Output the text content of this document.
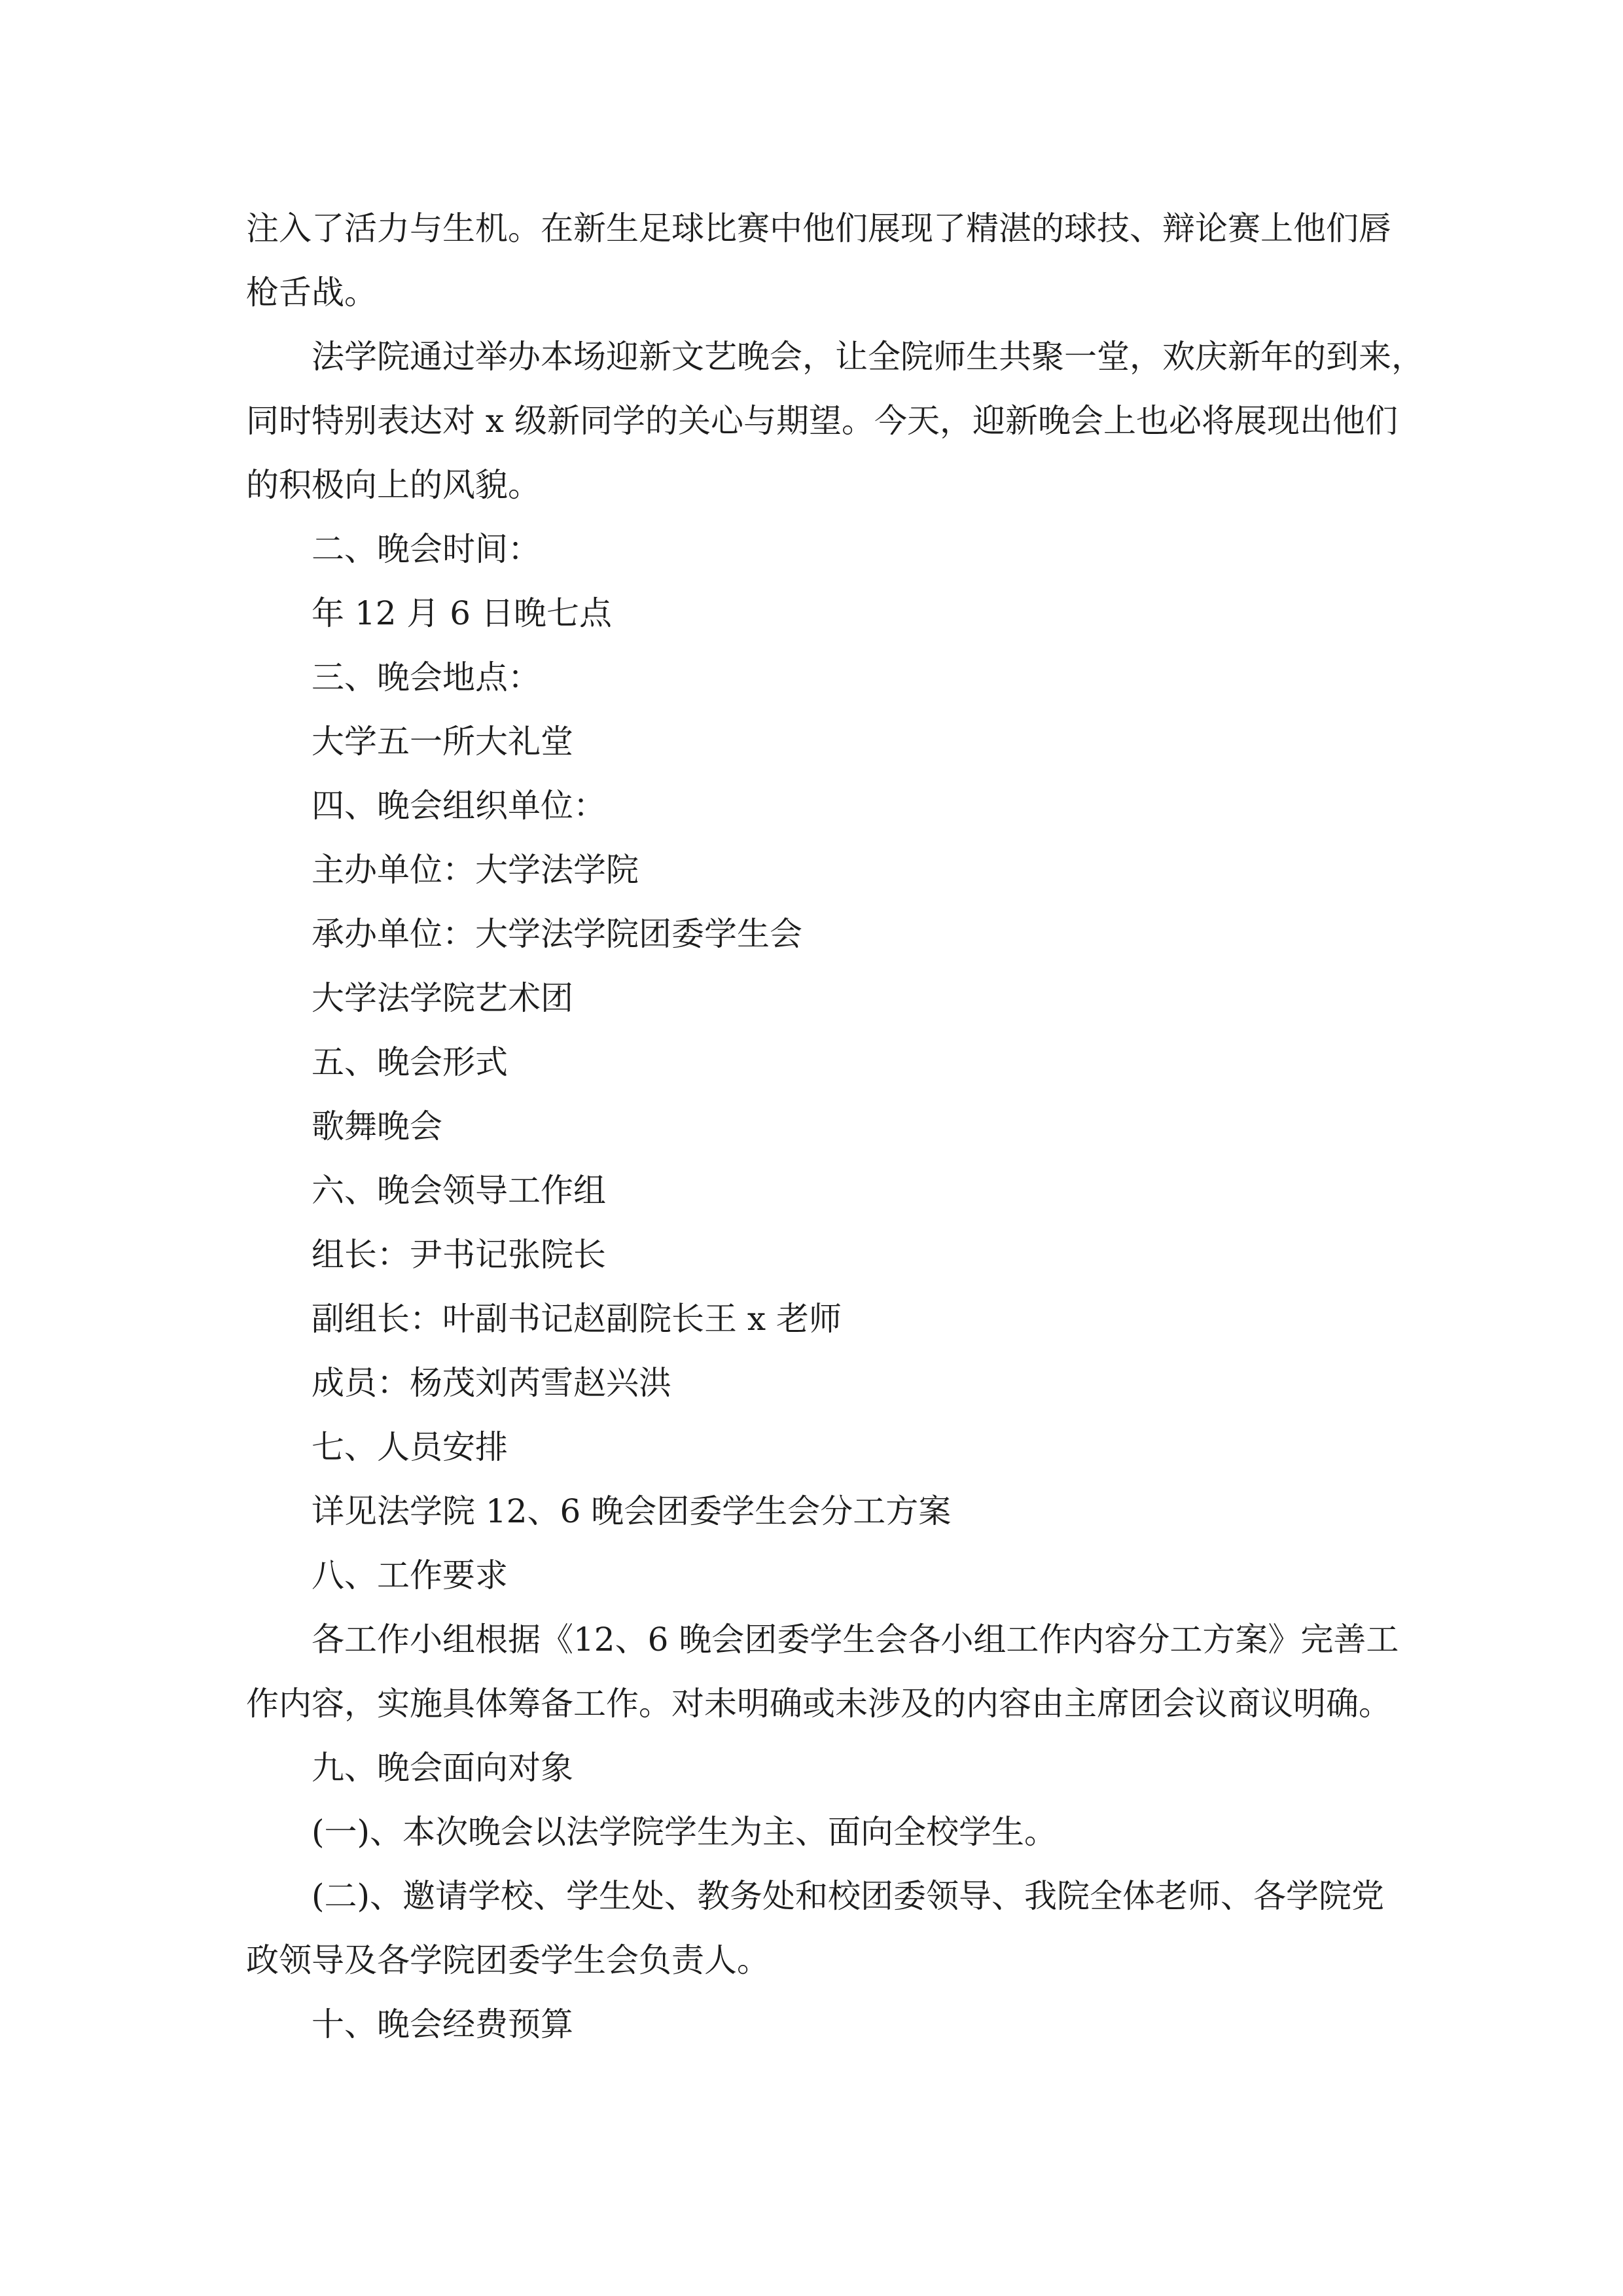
注入了活力与生机。在新生足球比赛中他们展现了精湛的球技、辩论赛上他们唇

枪舌战。

法学院通过举办本场迎新文艺晚会，让全院师生共聚一堂，欢庆新年的到来，

同时特别表达对 x 级新同学的关心与期望。今天，迎新晚会上也必将展现出他们

的积极向上的风貌。

二、晚会时间：

年 12 月 6 日晚七点

三、晚会地点：

大学五一所大礼堂

四、晚会组织单位：

主办单位：大学法学院

承办单位：大学法学院团委学生会

大学法学院艺术团

五、晚会形式

歌舞晚会

六、晚会领导工作组

组长：尹书记张院长

副组长：叶副书记赵副院长王 x 老师

成员：杨茂刘芮雪赵兴洪

七、人员安排

详见法学院 12、6 晚会团委学生会分工方案

八、工作要求

各工作小组根据《12、6 晚会团委学生会各小组工作内容分工方案》完善工

作内容，实施具体筹备工作。对未明确或未涉及的内容由主席团会议商议明确。

九、晚会面向对象

(一)、本次晚会以法学院学生为主、面向全校学生。

(二)、邀请学校、学生处、教务处和校团委领导、我院全体老师、各学院党

政领导及各学院团委学生会负责人。

十、晚会经费预算
